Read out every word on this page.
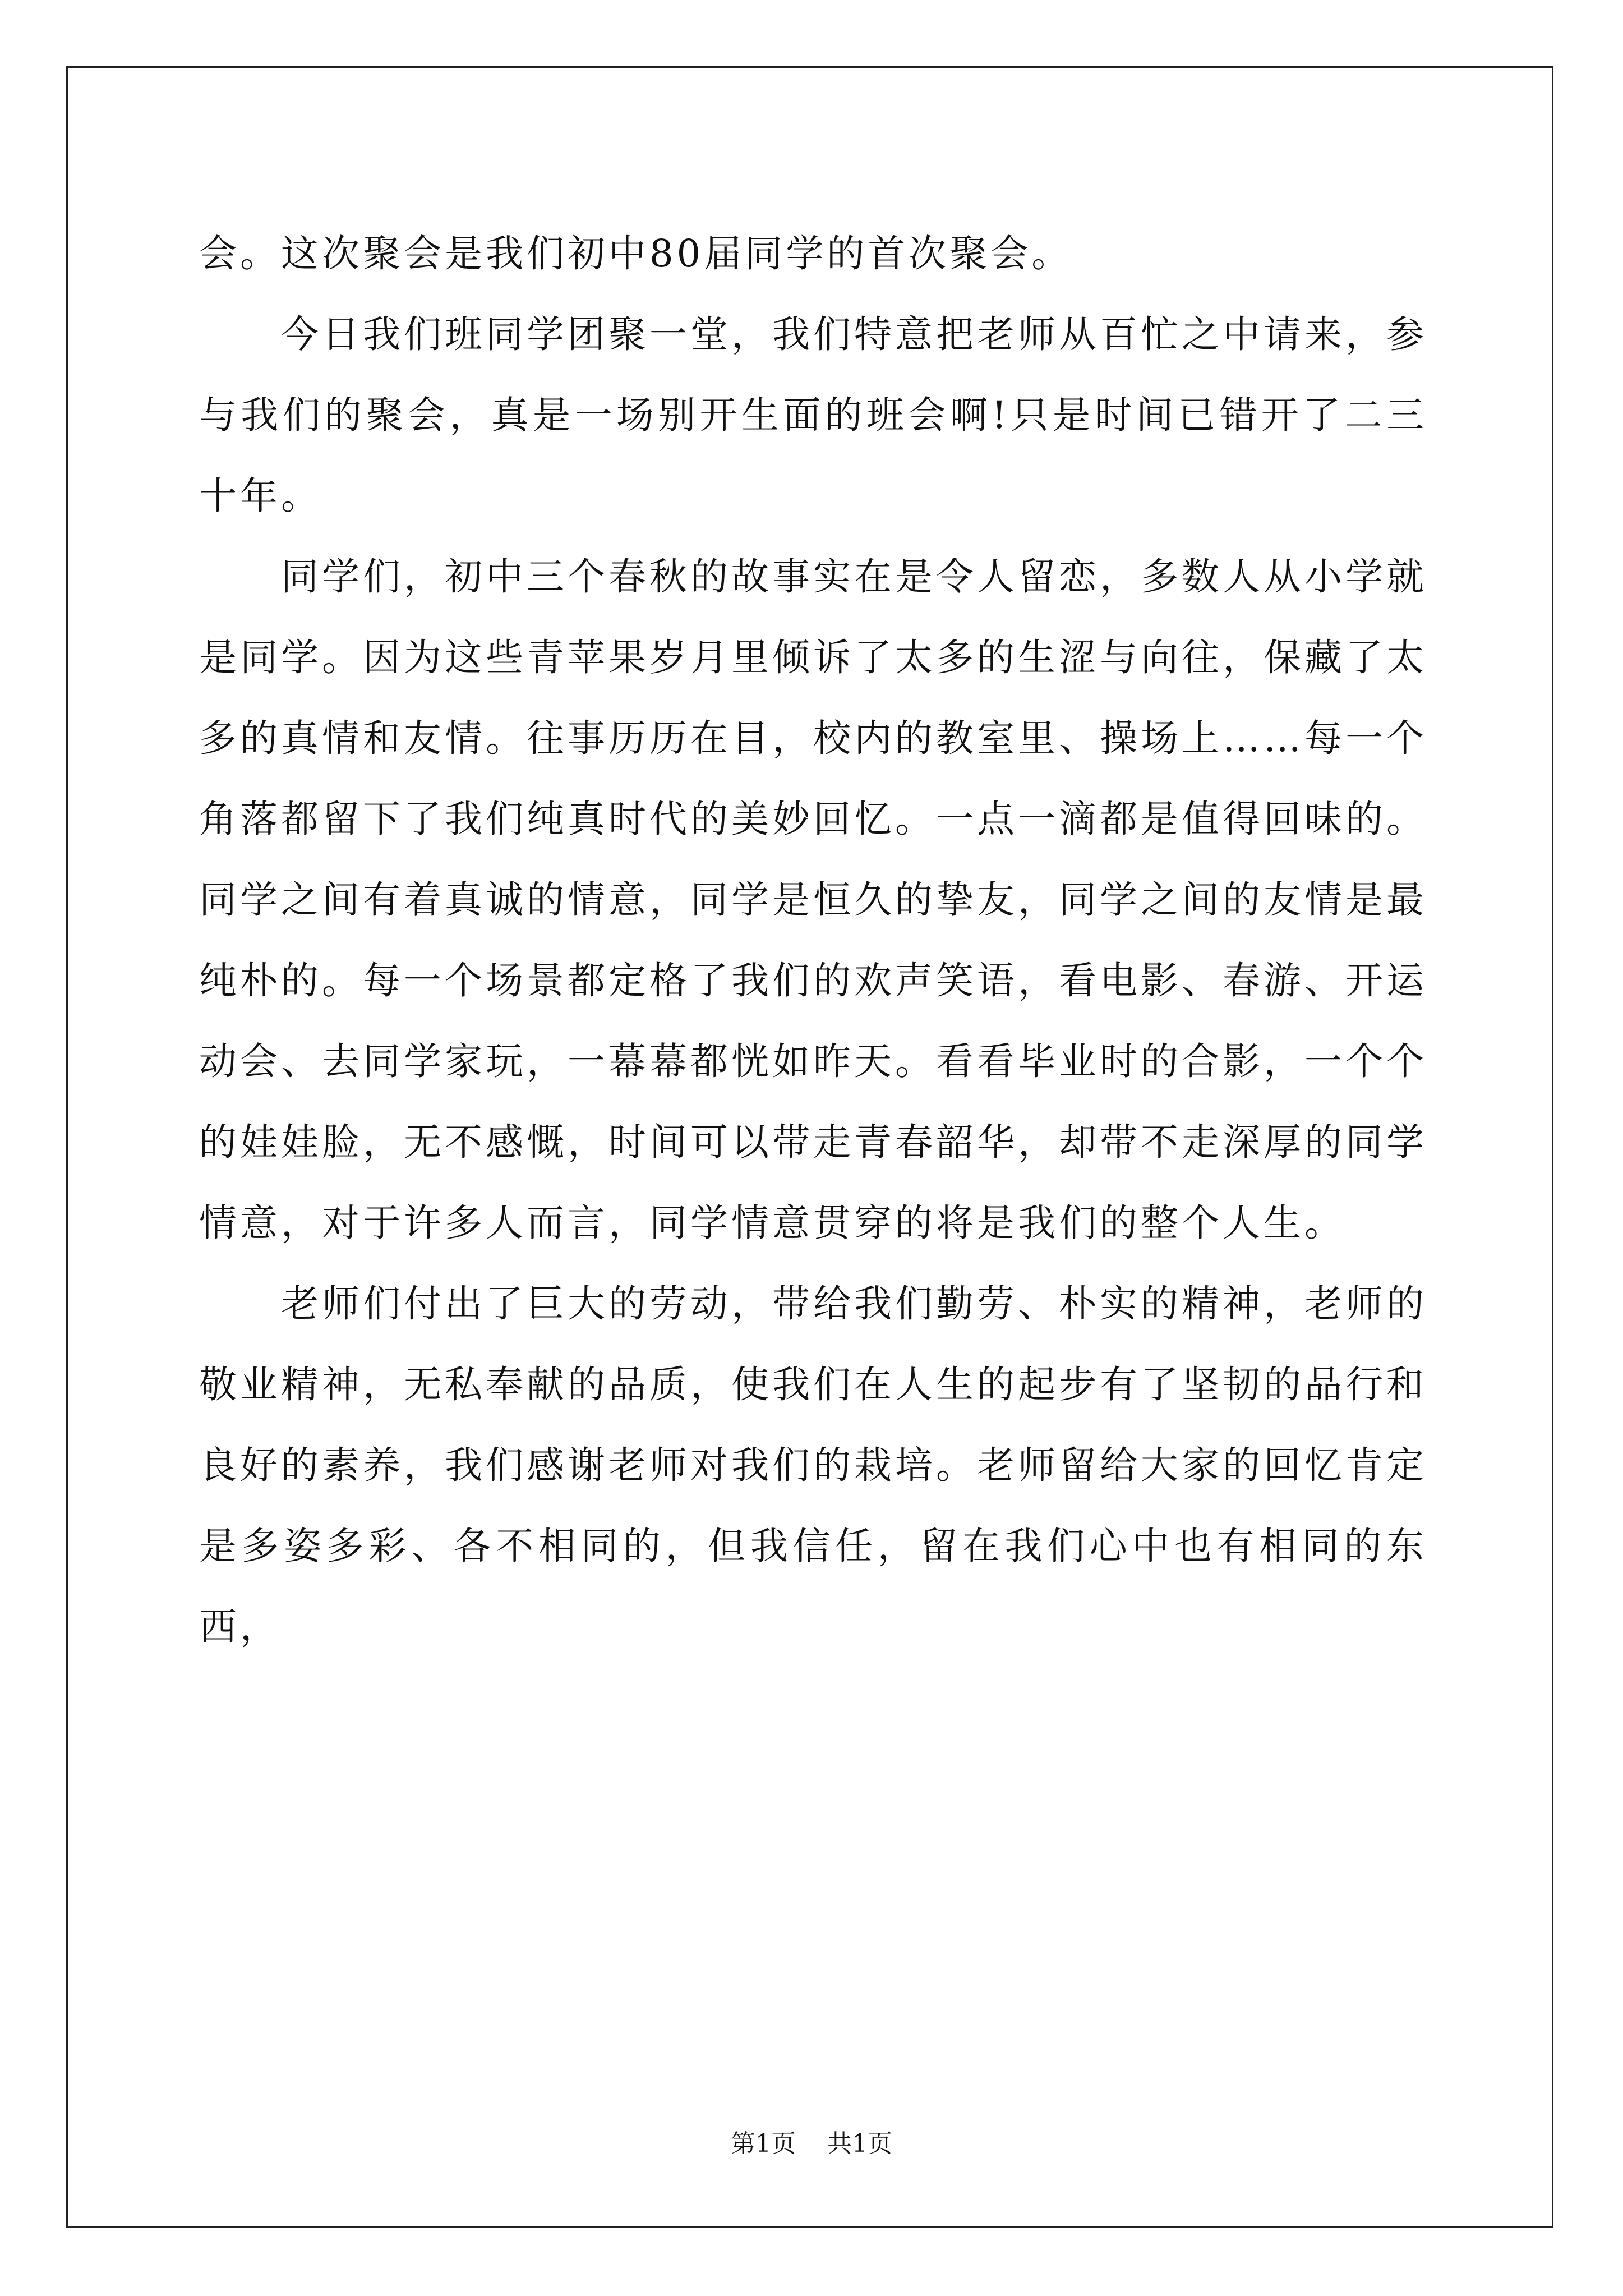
会。这次聚会是我们初中80届同学的首次聚会。

今日我们班同学团聚一堂，我们特意把老师从百忙之中请来，参与我们的聚会，真是一场别开生面的班会啊!只是时间已错开了二三十年。

同学们，初中三个春秋的故事实在是令人留恋，多数人从小学就是同学。因为这些青苹果岁月里倾诉了太多的生涩与向往，保藏了太多的真情和友情。往事历历在目，校内的教室里、操场上……每一个角落都留下了我们纯真时代的美妙回忆。一点一滴都是值得回味的。同学之间有着真诚的情意，同学是恒久的挚友，同学之间的友情是最纯朴的。每一个场景都定格了我们的欢声笑语，看电影、春游、开运动会、去同学家玩，一幕幕都恍如昨天。看看毕业时的合影，一个个的娃娃脸，无不感慨，时间可以带走青春韶华，却带不走深厚的同学情意，对于许多人而言，同学情意贯穿的将是我们的整个人生。

老师们付出了巨大的劳动，带给我们勤劳、朴实的精神，老师的敬业精神，无私奉献的品质，使我们在人生的起步有了坚韧的品行和良好的素养，我们感谢老师对我们的栽培。老师留给大家的回忆肯定是多姿多彩、各不相同的，但我信任，留在我们心中也有相同的东西，

第1页 共1页
